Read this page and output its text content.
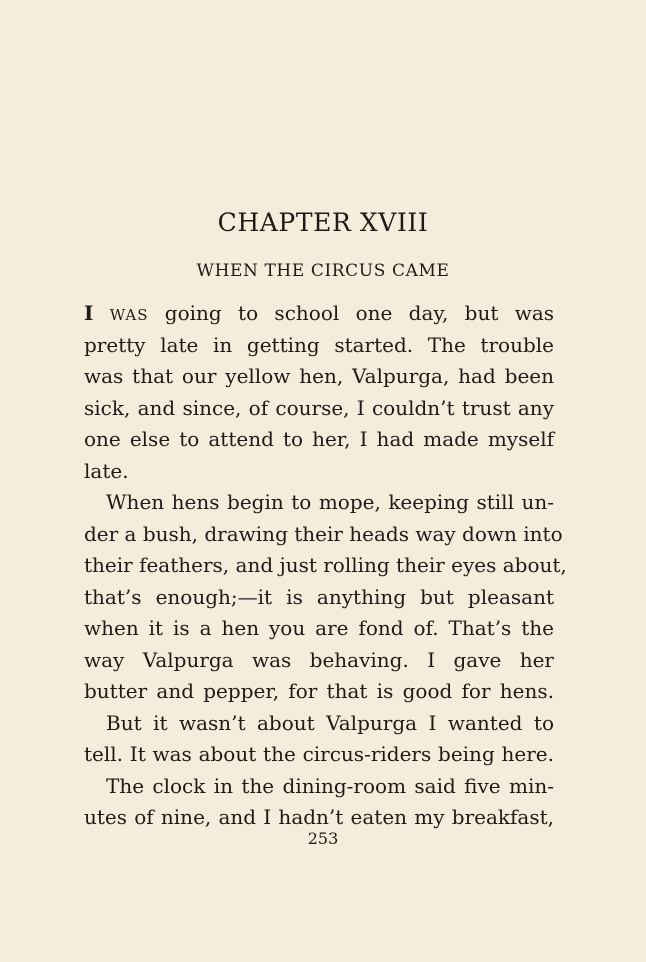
CHAPTER XVIII
WHEN THE CIRCUS CAME
I WAS going to school one day, but was
pretty late in getting started. The trouble
was that our yellow hen, Valpurga, had been
sick, and since, of course, I couldn’t trust any
one else to attend to her, I had made myself
late.
When hens begin to mope, keeping still un-
der a bush, drawing their heads way down into
their feathers, and just rolling their eyes about,
that’s enough;—it is anything but pleasant
when it is a hen you are fond of. That’s the
way Valpurga was behaving. I gave her
butter and pepper, for that is good for hens.
But it wasn’t about Valpurga I wanted to
tell. It was about the circus-riders being here.
The clock in the dining-room said five min-
utes of nine, and I hadn’t eaten my breakfast,
253
